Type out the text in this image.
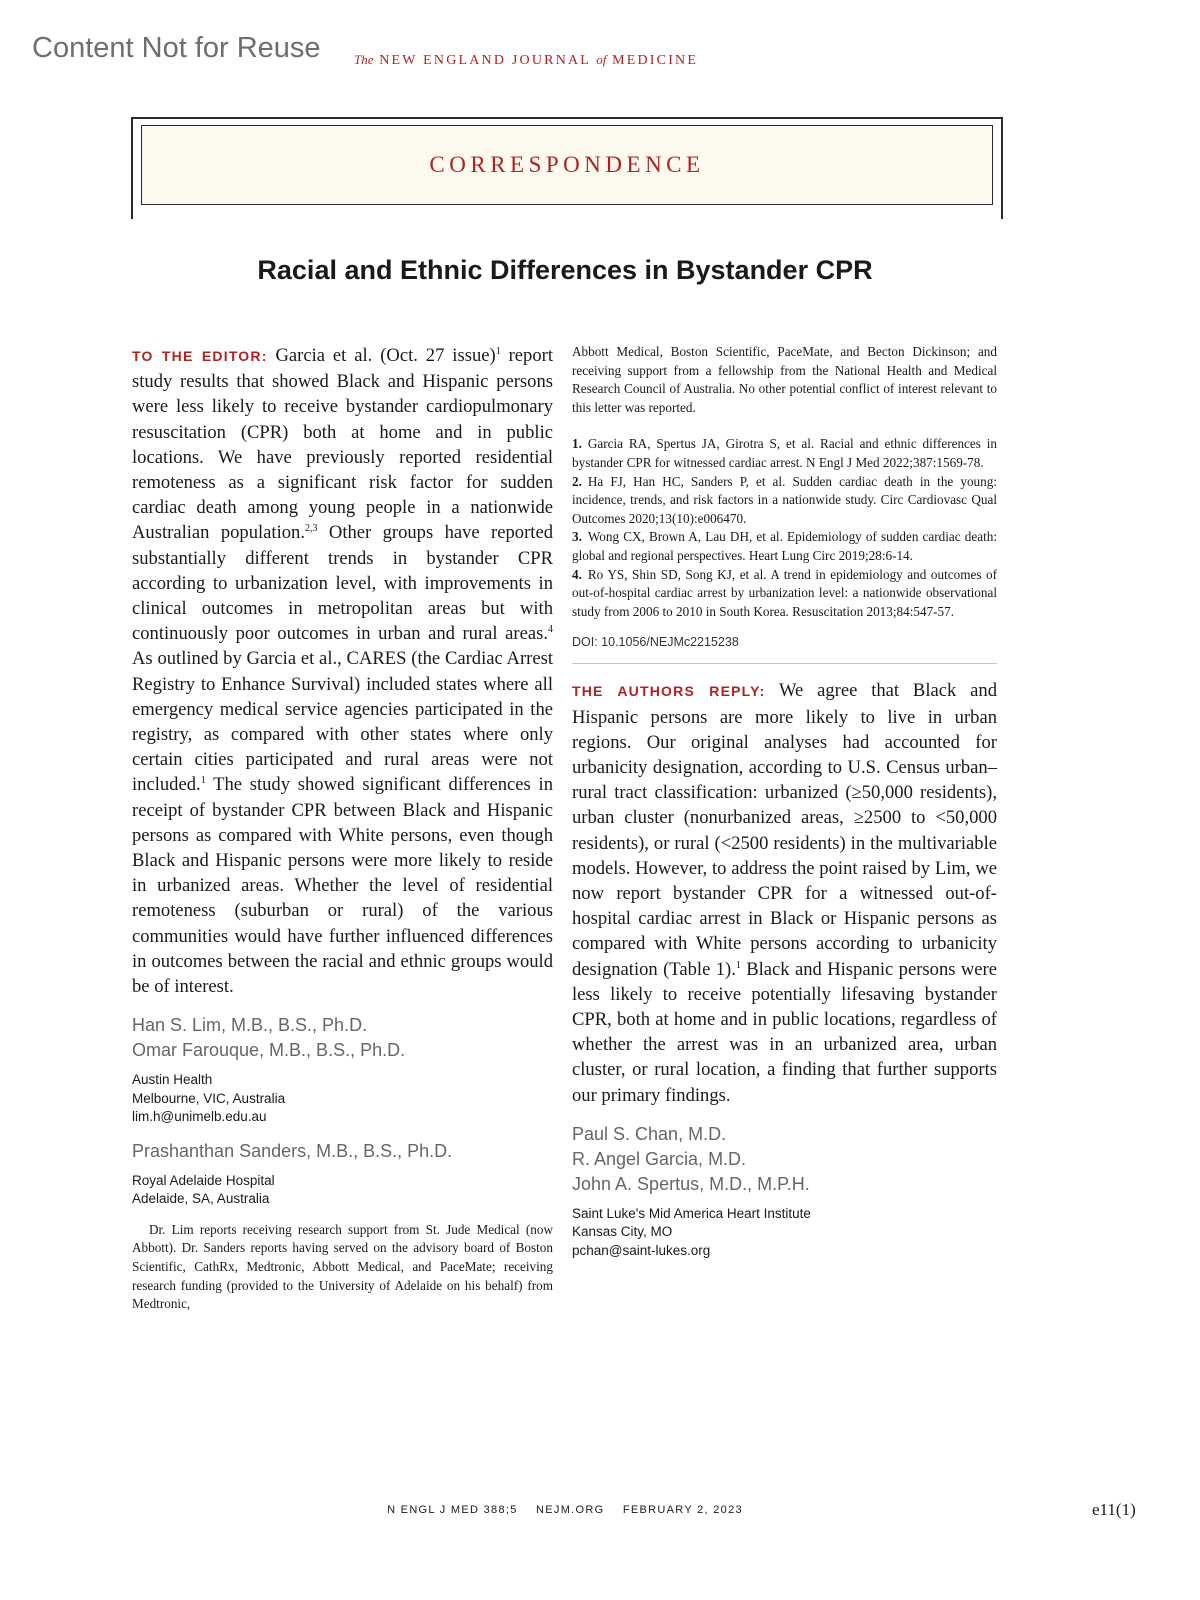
Content Not for Reuse	The NEW ENGLAND JOURNAL of MEDICINE
CORRESPONDENCE
Racial and Ethnic Differences in Bystander CPR

TO THE EDITOR: Garcia et al. (Oct. 27 issue)$^1$ report study results that showed Black and Hispanic persons were less likely to receive bystander cardiopulmonary resuscitation (CPR) both at home and in public locations. We have previously reported residential remoteness as a significant risk factor for sudden cardiac death among young people in a nationwide Australian population.$^{2,3}$ Other groups have reported substantially different trends in bystander CPR according to urbanization level, with improvements in clinical outcomes in metropolitan areas but with continuously poor outcomes in urban and rural areas.$^4$ As outlined by Garcia et al., CARES (the Cardiac Arrest Registry to Enhance Survival) included states where all emergency medical service agencies participated in the registry, as compared with other states where only certain cities participated and rural areas were not included.$^1$ The study showed significant differences in receipt of bystander CPR between Black and Hispanic persons as compared with White persons, even though Black and Hispanic persons were more likely to reside in urbanized areas. Whether the level of residential remoteness (suburban or rural) of the various communities would have further influenced differences in outcomes between the racial and ethnic groups would be of interest.

Han S. Lim, M.B., B.S., Ph.D.
Omar Farouque, M.B., B.S., Ph.D.
Austin Health
Melbourne, VIC, Australia
lim.h@unimelb.edu.au
Prashanthan Sanders, M.B., B.S., Ph.D.
Royal Adelaide Hospital
Adelaide, SA, Australia

Dr. Lim reports receiving research support from St. Jude Medical (now Abbott). Dr. Sanders reports having served on the advisory board of Boston Scientific, CathRx, Medtronic, Abbott Medical, and PaceMate; receiving research funding (provided to the University of Adelaide on his behalf) from Medtronic,

Abbott Medical, Boston Scientific, PaceMate, and Becton Dickinson; and receiving support from a fellowship from the National Health and Medical Research Council of Australia. No other potential conflict of interest relevant to this letter was reported.

1. Garcia RA, Spertus JA, Girotra S, et al. Racial and ethnic differences in bystander CPR for witnessed cardiac arrest. N Engl J Med 2022;387:1569-78.
2. Ha FJ, Han HC, Sanders P, et al. Sudden cardiac death in the young: incidence, trends, and risk factors in a nationwide study. Circ Cardiovasc Qual Outcomes 2020;13(10):e006470.
3. Wong CX, Brown A, Lau DH, et al. Epidemiology of sudden cardiac death: global and regional perspectives. Heart Lung Circ 2019;28:6-14.
4. Ro YS, Shin SD, Song KJ, et al. A trend in epidemiology and outcomes of out-of-hospital cardiac arrest by urbanization level: a nationwide observational study from 2006 to 2010 in South Korea. Resuscitation 2013;84:547-57.
DOI: 10.1056/NEJMc2215238

THE AUTHORS REPLY: We agree that Black and Hispanic persons are more likely to live in urban regions. Our original analyses had accounted for urbanicity designation, according to U.S. Census urban–rural tract classification: urbanized (≥50,000 residents), urban cluster (nonurbanized areas, ≥2500 to <50,000 residents), or rural (<2500 residents) in the multivariable models. However, to address the point raised by Lim, we now report bystander CPR for a witnessed out-of-hospital cardiac arrest in Black or Hispanic persons as compared with White persons according to urbanicity designation (Table 1).$^1$ Black and Hispanic persons were less likely to receive potentially lifesaving bystander CPR, both at home and in public locations, regardless of whether the arrest was in an urbanized area, urban cluster, or rural location, a finding that further supports our primary findings.

Paul S. Chan, M.D.
R. Angel Garcia, M.D.
John A. Spertus, M.D., M.P.H.
Saint Luke's Mid America Heart Institute
Kansas City, MO
pchan@saint-lukes.org
N ENGL J MED 388;5 NEJM.ORG FEBRUARY 2, 2023	e11(1)
